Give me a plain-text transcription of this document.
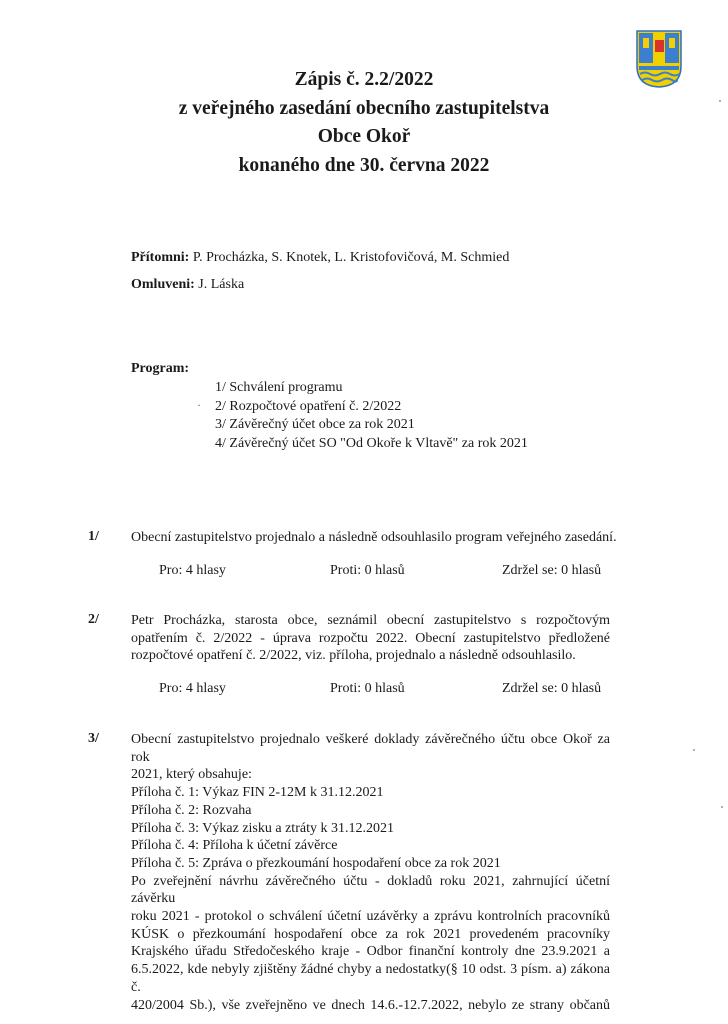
Zápis č. 2.2/2022
z veřejného zasedání obecního zastupitelstva
Obce Okoř
konaného dne 30. června 2022
Přítomni: P. Procházka, S. Knotek, L. Kristofovičová, M. Schmied
Omluveni: J. Láska
Program:
·
1/ Schválení programu
2/ Rozpočtové opatření č. 2/2022
3/ Závěrečný účet obce za rok 2021
4/ Závěrečný účet SO "Od Okoře k Vltavě" za rok 2021
1/ Obecní zastupitelstvo projednalo a následně odsouhlasilo program veřejného zasedání.
Pro: 4 hlasy	Proti: 0 hlasů	Zdržel se: 0 hlasů
2/ Petr Procházka, starosta obce, seznámil obecní zastupitelstvo s rozpočtovým
opatřením č. 2/2022 - úprava rozpočtu 2022. Obecní zastupitelstvo předložené
rozpočtové opatření č. 2/2022, viz. příloha, projednalo a následně odsouhlasilo.
Pro: 4 hlasy	Proti: 0 hlasů	Zdržel se: 0 hlasů
3/ Obecní zastupitelstvo projednalo veškeré doklady závěrečného účtu obce Okoř za rok
2021, který obsahuje:
Příloha č. 1: Výkaz FIN 2-12M k 31.12.2021
Příloha č. 2: Rozvaha
Příloha č. 3: Výkaz zisku a ztráty k 31.12.2021
Příloha č. 4: Příloha k účetní závěrce
Příloha č. 5: Zpráva o přezkoumání hospodaření obce za rok 2021
Po zveřejnění návrhu závěrečného účtu - dokladů roku 2021, zahrnující účetní závěrku
roku 2021 - protokol o schválení účetní uzávěrky a zprávu kontrolních pracovníků
KÚSK o přezkoumání hospodaření obce za rok 2021 provedeném pracovníky
Krajského úřadu Středočeského kraje - Odbor finanční kontroly dne 23.9.2021 a
6.5.2022, kde nebyly zjištěny žádné chyby a nedostatky(§ 10 odst. 3 písm. a) zákona č.
420/2004 Sb.), vše zveřejněno ve dnech 14.6.-12.7.2022, nebylo ze strany občanů
